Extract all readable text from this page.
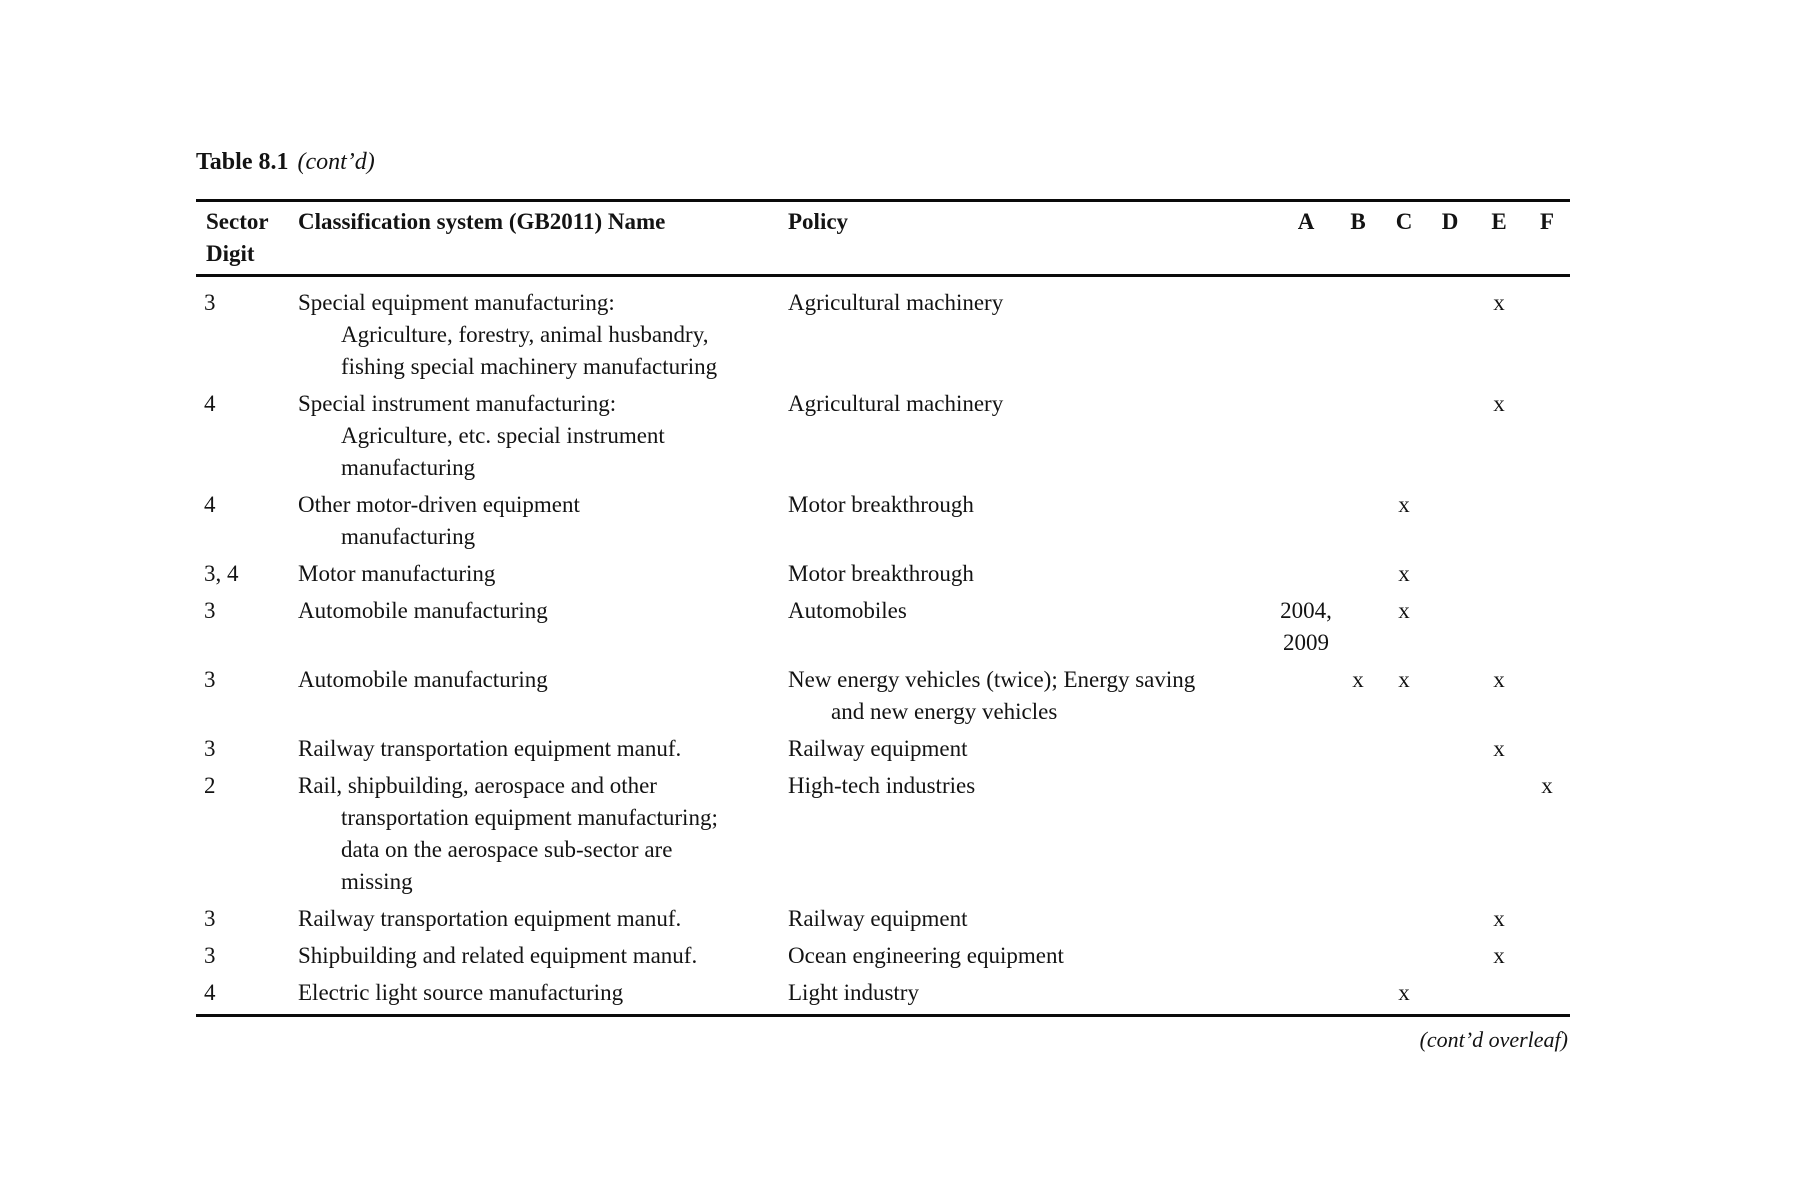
Table 8.1 (cont’d)
Sector
Digit	Classification system (GB2011) Name	Policy	A	B	C	D	E	F

3	Special equipment manufacturing:
Agriculture, forestry, animal husbandry,
fishing special machinery manufacturing	Agricultural machinery					x	

4	Special instrument manufacturing:
Agriculture, etc. special instrument
manufacturing	Agricultural machinery					x	

4	Other motor-driven equipment
manufacturing	Motor breakthrough			x			

3, 4	Motor manufacturing	Motor breakthrough			x			

3	Automobile manufacturing	Automobiles	2004,
2009		x			

3	Automobile manufacturing	New energy vehicles (twice); Energy saving
and new energy vehicles		x	x		x	

3	Railway transportation equipment manuf.	Railway equipment					x	

2	Rail, shipbuilding, aerospace and other
transportation equipment manufacturing;
data on the aerospace sub-sector are
missing	High-tech industries						x

3	Railway transportation equipment manuf.	Railway equipment					x	

3	Shipbuilding and related equipment manuf.	Ocean engineering equipment					x	

4	Electric light source manufacturing	Light industry			x			
(cont’d overleaf)
